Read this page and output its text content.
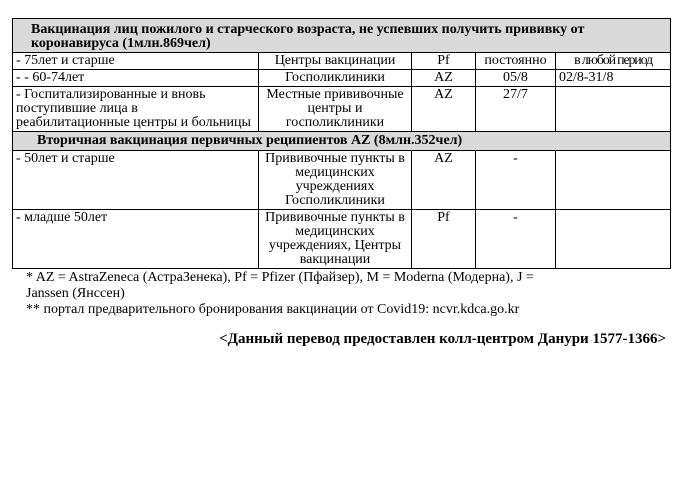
Вакцинация лиц пожилого и старческого возраста, не успевших получить прививку от коронавируса (1млн.869чел)				
- 75лет и старше	Центры вакцинации	Pf	постоянно	в любой период
- - 60-74лет	Госполиклиники	AZ	05/8	02/8-31/8
- Госпитализированные и вновь поступившие лица в реабилитационные центры и больницы	Местные прививочные центры и госполиклиники	AZ	27/7	
Вторичная вакцинация первичных реципиентов AZ (8млн.352чел)				
- 50лет и старше	Прививочные пункты в медицинских учреждениях Госполиклиники	AZ	-	
- младше 50лет	Прививочные пункты в медицинских учреждениях, Центры вакцинации	Pf	-	
* AZ = AstraZeneca (АстраЗенека), Pf = Pfizer (Пфайзер), M = Moderna (Модерна), J =
Janssen (Янссен)
** портал предварительного бронирования вакцинации от Covid19: ncvr.kdca.go.kr
<Данный перевод предоставлен колл-центром Данури 1577-1366>
